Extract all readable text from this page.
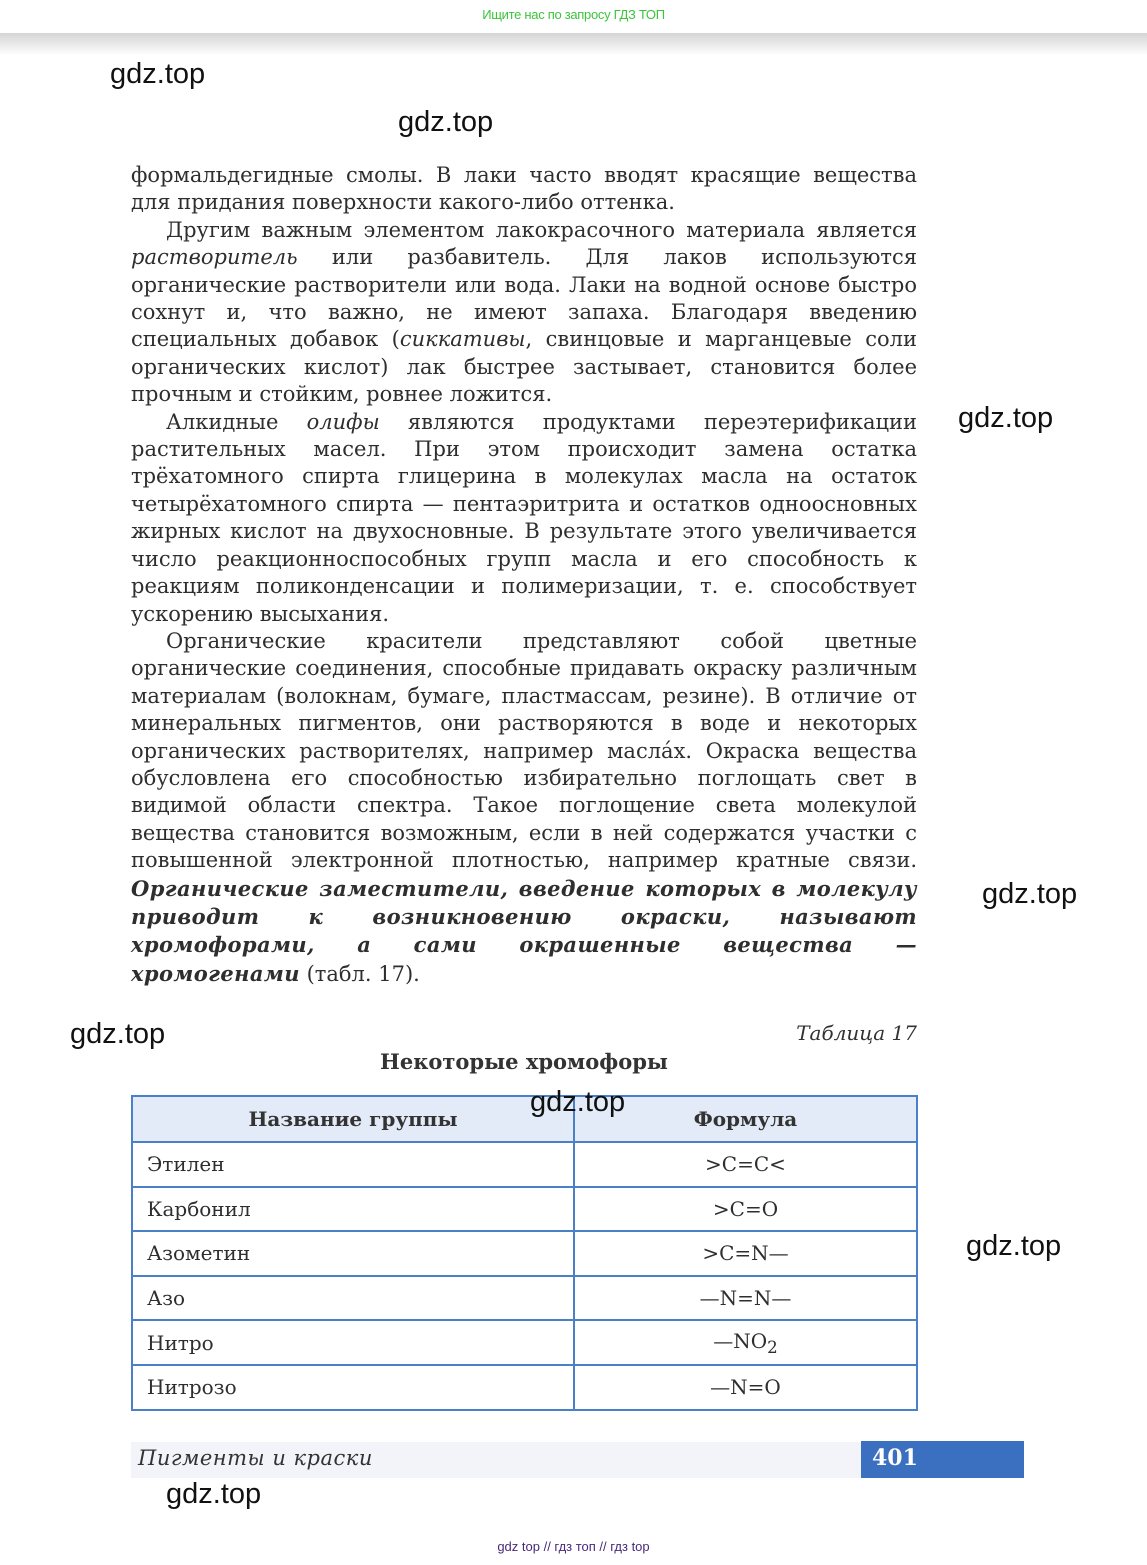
Ищите нас по запросу ГДЗ ТОП
gdz.top
gdz.top
gdz.top
gdz.top
gdz.top
gdz.top
gdz.top
gdz.top

формальдегидные смолы. В лаки часто вводят красящие вещества для придания поверхности какого-либо оттенка.

Другим важным элементом лакокрасочного материала является растворитель или разбавитель. Для лаков используются органические растворители или вода. Лаки на водной основе быстро сохнут и, что важно, не имеют запаха. Благодаря введению специальных добавок (сиккативы, свинцовые и марганцевые соли органических кислот) лак быстрее застывает, становится более прочным и стойким, ровнее ложится.

Алкидные олифы являются продуктами переэтерификации растительных масел. При этом происходит замена остатка трёхатомного спирта глицерина в молекулах масла на остаток четырёхатомного спирта — пентаэритрита и остатков одноосновных жирных кислот на двухосновные. В результате этого увеличивается число реакционноспособных групп масла и его способность к реакциям поликонденсации и полимеризации, т. е. способствует ускорению высыхания.

Органические красители представляют собой цветные органические соединения, способные придавать окраску различным материалам (волокнам, бумаге, пластмассам, резине). В отличие от минеральных пигментов, они растворяются в воде и некоторых органических растворителях, например масла́х. Окраска вещества обусловлена его способностью избирательно поглощать свет в видимой области спектра. Такое поглощение света молекулой вещества становится возможным, если в ней содержатся участки с повышенной электронной плотностью, например кратные связи. Органические заместители, введение которых в молекулу приводит к возникновению окраски, называют хромофорами, а сами окрашенные вещества — хромогенами (табл. 17).

Таблица 17
Некоторые хромофоры
Название группы	Формула
Этилен	>C=C<
Карбонил	>C=O
Азометин	>C=N—
Азо	—N=N—
Нитро	$—NO_2$
Нитрозо	—N=O
Пигменты и краски	401
gdz top // гдз топ // гдз top
